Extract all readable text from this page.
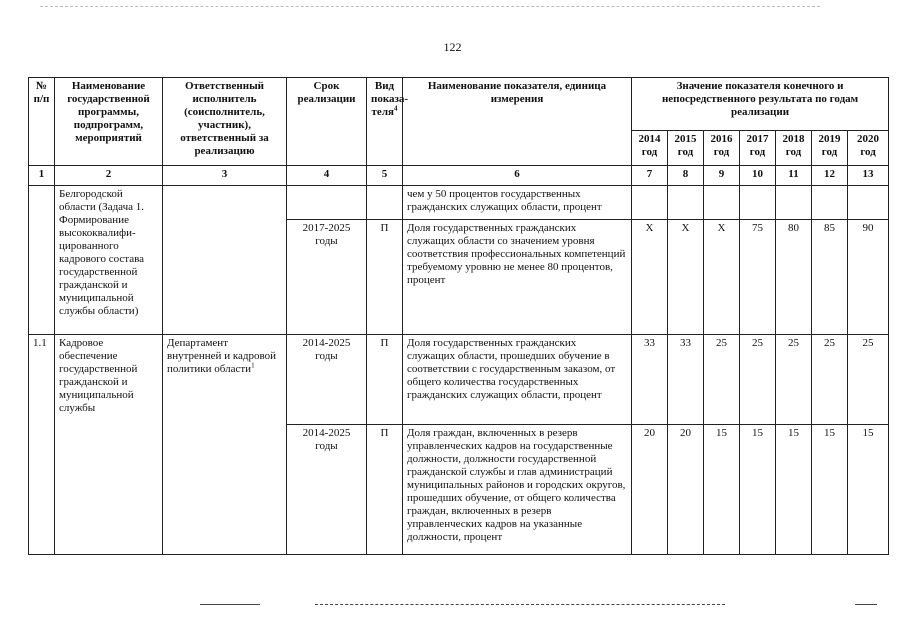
122
№ п/п	Наименование государственной программы, подпрограмм, мероприятий	Ответственный исполнитель (соисполнитель, участник), ответственный за реализацию	Срок реализации	Вид показа-теля$^4$	Наименование показателя, единица измерения	Значение показателя конечного и непосредственного результата по годам реализации						
						2014 год	2015 год	2016 год	2017 год	2018 год	2019 год	2020 год
1	2	3	4	5	6	7	8	9	10	11	12	13
	Белгородской области (Задача 1. Формирование высококвалифи-цированного кадрового состава государственной гражданской и муниципальной службы области)				чем у 50 процентов государственных гражданских служащих области, процент							
			2017-2025 годы	П	Доля государственных гражданских служащих области со значением уровня соответствия профессиональных компетенций требуемому уровню не менее 80 процентов, процент	Х	Х	Х	75	80	85	90
1.1	Кадровое обеспечение государственной гражданской и муниципальной службы	Департамент внутренней и кадровой политики области$^1$	2014-2025 годы	П	Доля государственных гражданских служащих области, прошедших обучение в соответствии с государственным заказом, от общего количества государственных гражданских служащих области, процент	33	33	25	25	25	25	25
			2014-2025 годы	П	Доля граждан, включенных в резерв управленческих кадров на государственные должности, должности государственной гражданской службы и глав администраций муниципальных районов и городских округов, прошедших обучение, от общего количества граждан, включенных в резерв управленческих кадров на указанные должности, процент	20	20	15	15	15	15	15
